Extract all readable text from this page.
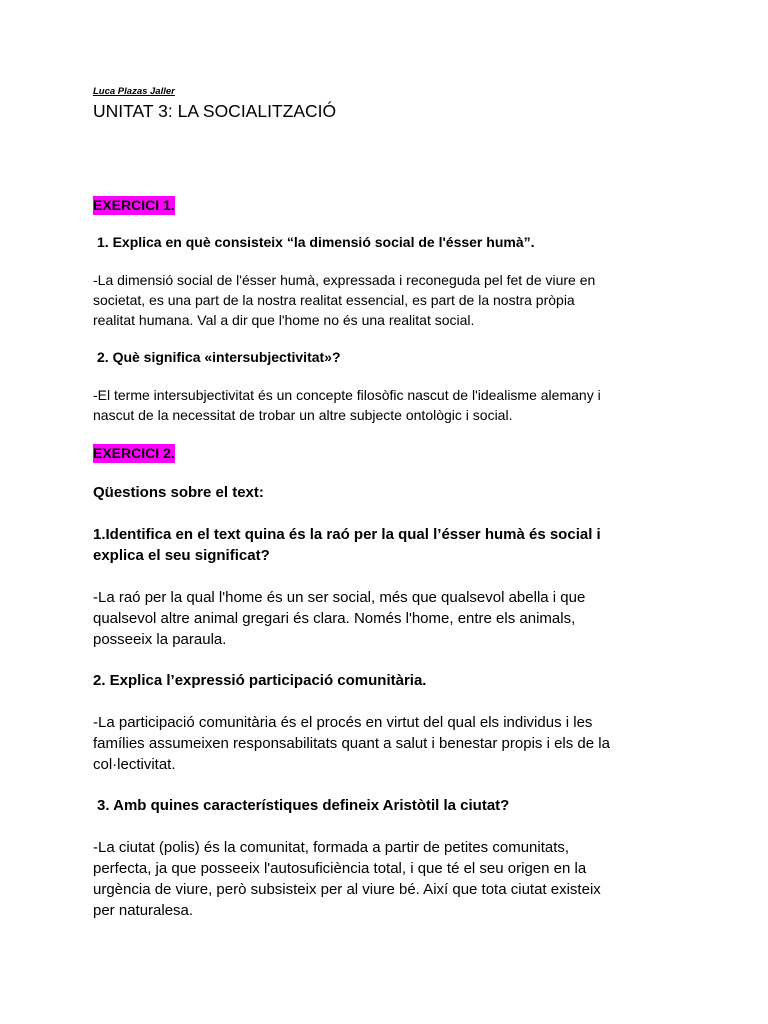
Luca Plazas Jaller

UNITAT 3: LA SOCIALITZACIÓ
EXERCICI 1.

1. Explica en què consisteix “la dimensió social de l'ésser humà”.

-La dimensió social de l'ésser humà, expressada i reconeguda pel fet de viure en

societat, es una part de la nostra realitat essencial, es part de la nostra pròpia

realitat humana. Val a dir que l'home no és una realitat social.

2. Què significa «intersubjectivitat»?

-El terme intersubjectivitat és un concepte filosòfic nascut de l'idealisme alemany i

nascut de la necessitat de trobar un altre subjecte ontològic i social.

EXERCICI 2.

Qüestions sobre el text:

1.Identifica en el text quina és la raó per la qual l’ésser humà és social i

explica el seu significat?

-La raó per la qual l'home és un ser social, més que qualsevol abella i que

qualsevol altre animal gregari és clara. Només l'home, entre els animals,

posseeix la paraula.

2. Explica l’expressió participació comunitària.

-La participació comunitària és el procés en virtut del qual els individus i les

famílies assumeixen responsabilitats quant a salut i benestar propis i els de la

col·lectivitat.

3. Amb quines característiques defineix Aristòtil la ciutat?

-La ciutat (polis) és la comunitat, formada a partir de petites comunitats,

perfecta, ja que posseeix l'autosuficiència total, i que té el seu origen en la

urgència de viure, però subsisteix per al viure bé. Així que tota ciutat existeix

per naturalesa.
